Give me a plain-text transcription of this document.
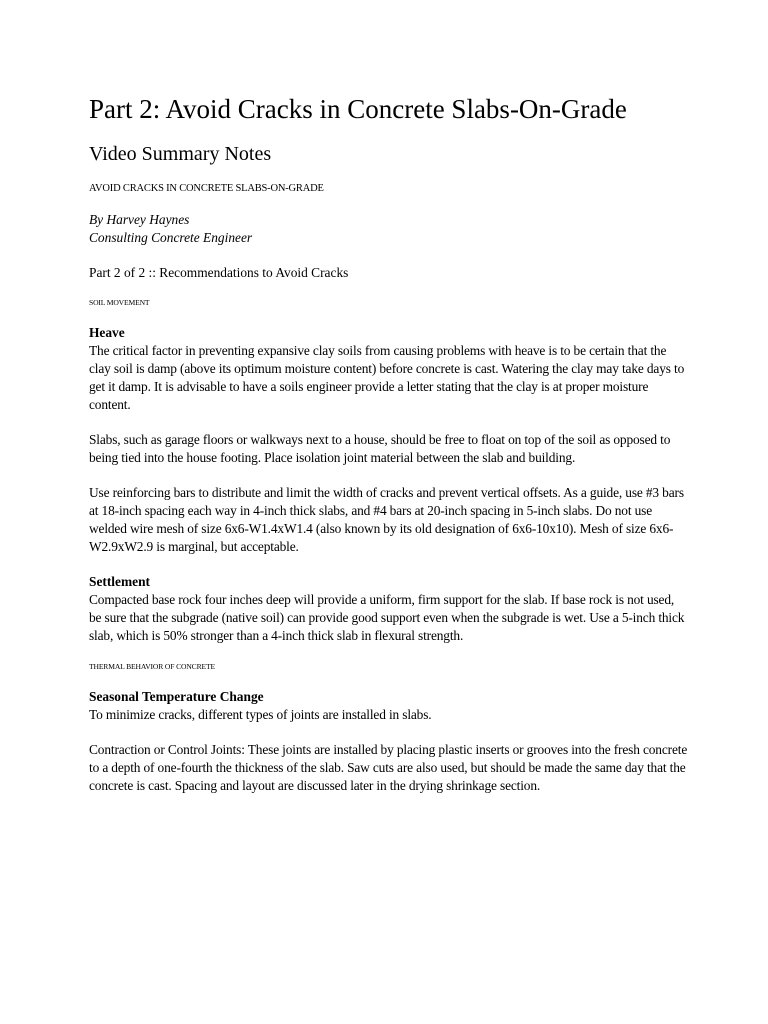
Part 2: Avoid Cracks in Concrete Slabs-On-Grade
Video Summary Notes

AVOID CRACKS IN CONCRETE SLABS-ON-GRADE

By Harvey Haynes
Consulting Concrete Engineer

Part 2 of 2 :: Recommendations to Avoid Cracks

SOIL MOVEMENT

Heave

The critical factor in preventing expansive clay soils from causing problems with heave is to be certain that the clay soil is damp (above its optimum moisture content) before concrete is cast. Watering the clay may take days to get it damp. It is advisable to have a soils engineer provide a letter stating that the clay is at proper moisture content.

Slabs, such as garage floors or walkways next to a house, should be free to float on top of the soil as opposed to being tied into the house footing. Place isolation joint material between the slab and building.

Use reinforcing bars to distribute and limit the width of cracks and prevent vertical offsets. As a guide, use #3 bars at 18-inch spacing each way in 4-inch thick slabs, and #4 bars at 20-inch spacing in 5-inch slabs. Do not use welded wire mesh of size 6x6-W1.4xW1.4 (also known by its old designation of 6x6-10x10). Mesh of size 6x6-W2.9xW2.9 is marginal, but acceptable.

Settlement

Compacted base rock four inches deep will provide a uniform, firm support for the slab. If base rock is not used, be sure that the subgrade (native soil) can provide good support even when the subgrade is wet. Use a 5-inch thick slab, which is 50% stronger than a 4-inch thick slab in flexural strength.

THERMAL BEHAVIOR OF CONCRETE

Seasonal Temperature Change

To minimize cracks, different types of joints are installed in slabs.

Contraction or Control Joints: These joints are installed by placing plastic inserts or grooves into the fresh concrete to a depth of one-fourth the thickness of the slab. Saw cuts are also used, but should be made the same day that the concrete is cast. Spacing and layout are discussed later in the drying shrinkage section.
